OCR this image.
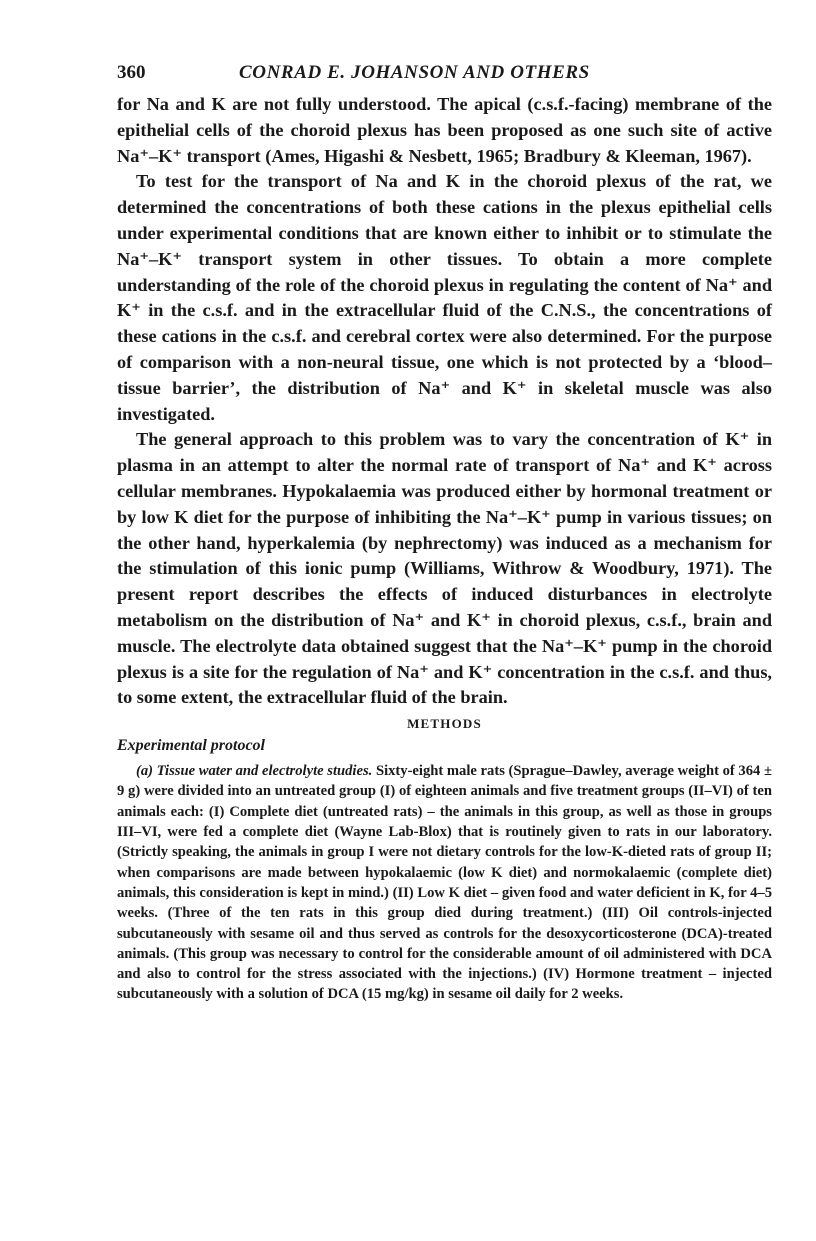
360	CONRAD E. JOHANSON AND OTHERS

for Na and K are not fully understood. The apical (c.s.f.-facing) membrane of the epithelial cells of the choroid plexus has been proposed as one such site of active Na⁺–K⁺ transport (Ames, Higashi & Nesbett, 1965; Bradbury & Kleeman, 1967).

To test for the transport of Na and K in the choroid plexus of the rat, we determined the concentrations of both these cations in the plexus epithelial cells under experimental conditions that are known either to inhibit or to stimulate the Na⁺–K⁺ transport system in other tissues. To obtain a more complete understanding of the role of the choroid plexus in regulating the content of Na⁺ and K⁺ in the c.s.f. and in the extracellular fluid of the C.N.S., the concentrations of these cations in the c.s.f. and cerebral cortex were also determined. For the purpose of comparison with a non-neural tissue, one which is not protected by a ‘blood–tissue barrier’, the distribution of Na⁺ and K⁺ in skeletal muscle was also investigated.

The general approach to this problem was to vary the concentration of K⁺ in plasma in an attempt to alter the normal rate of transport of Na⁺ and K⁺ across cellular membranes. Hypokalaemia was produced either by hormonal treatment or by low K diet for the purpose of inhibiting the Na⁺–K⁺ pump in various tissues; on the other hand, hyperkalemia (by nephrectomy) was induced as a mechanism for the stimulation of this ionic pump (Williams, Withrow & Woodbury, 1971). The present report describes the effects of induced disturbances in electrolyte metabolism on the distribution of Na⁺ and K⁺ in choroid plexus, c.s.f., brain and muscle. The electrolyte data obtained suggest that the Na⁺–K⁺ pump in the choroid plexus is a site for the regulation of Na⁺ and K⁺ concentration in the c.s.f. and thus, to some extent, the extracellular fluid of the brain.

METHODS
Experimental protocol

(a) Tissue water and electrolyte studies. Sixty-eight male rats (Sprague–Dawley, average weight of 364 ± 9 g) were divided into an untreated group (I) of eighteen animals and five treatment groups (II–VI) of ten animals each: (I) Complete diet (untreated rats) – the animals in this group, as well as those in groups III–VI, were fed a complete diet (Wayne Lab-Blox) that is routinely given to rats in our laboratory. (Strictly speaking, the animals in group I were not dietary controls for the low-K-dieted rats of group II; when comparisons are made between hypokalaemic (low K diet) and normokalaemic (complete diet) animals, this consideration is kept in mind.) (II) Low K diet – given food and water deficient in K, for 4–5 weeks. (Three of the ten rats in this group died during treatment.) (III) Oil controls-injected subcutaneously with sesame oil and thus served as controls for the desoxycorticosterone (DCA)-treated animals. (This group was necessary to control for the considerable amount of oil administered with DCA and also to control for the stress associated with the injections.) (IV) Hormone treatment – injected subcutaneously with a solution of DCA (15 mg/kg) in sesame oil daily for 2 weeks.
